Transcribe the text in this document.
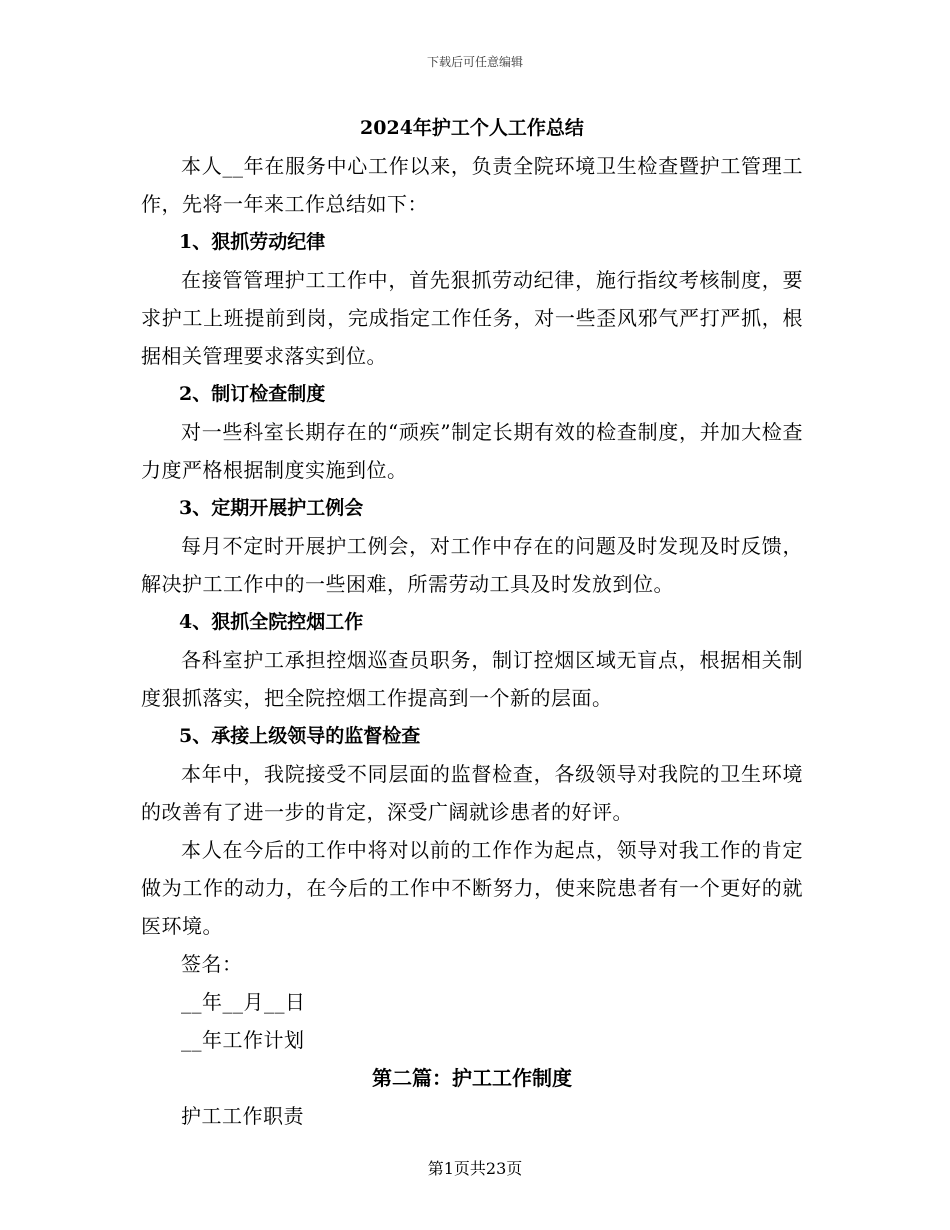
下载后可任意编辑

2024年护工个人工作总结

本人__年在服务中心工作以来，负责全院环境卫生检查暨护工管理工作，先将一年来工作总结如下：

1、狠抓劳动纪律

在接管管理护工工作中，首先狠抓劳动纪律，施行指纹考核制度，要求护工上班提前到岗，完成指定工作任务，对一些歪风邪气严打严抓，根据相关管理要求落实到位。

2、制订检查制度

对一些科室长期存在的“顽疾”制定长期有效的检查制度，并加大检查力度严格根据制度实施到位。

3、定期开展护工例会

每月不定时开展护工例会，对工作中存在的问题及时发现及时反馈，解决护工工作中的一些困难，所需劳动工具及时发放到位。

4、狠抓全院控烟工作

各科室护工承担控烟巡查员职务，制订控烟区域无盲点，根据相关制度狠抓落实，把全院控烟工作提高到一个新的层面。

5、承接上级领导的监督检查

本年中，我院接受不同层面的监督检查，各级领导对我院的卫生环境的改善有了进一步的肯定，深受广阔就诊患者的好评。

本人在今后的工作中将对以前的工作作为起点，领导对我工作的肯定做为工作的动力，在今后的工作中不断努力，使来院患者有一个更好的就医环境。

签名：

__年__月__日

__年工作计划

第二篇：护工工作制度

护工工作职责

第1页共23页
